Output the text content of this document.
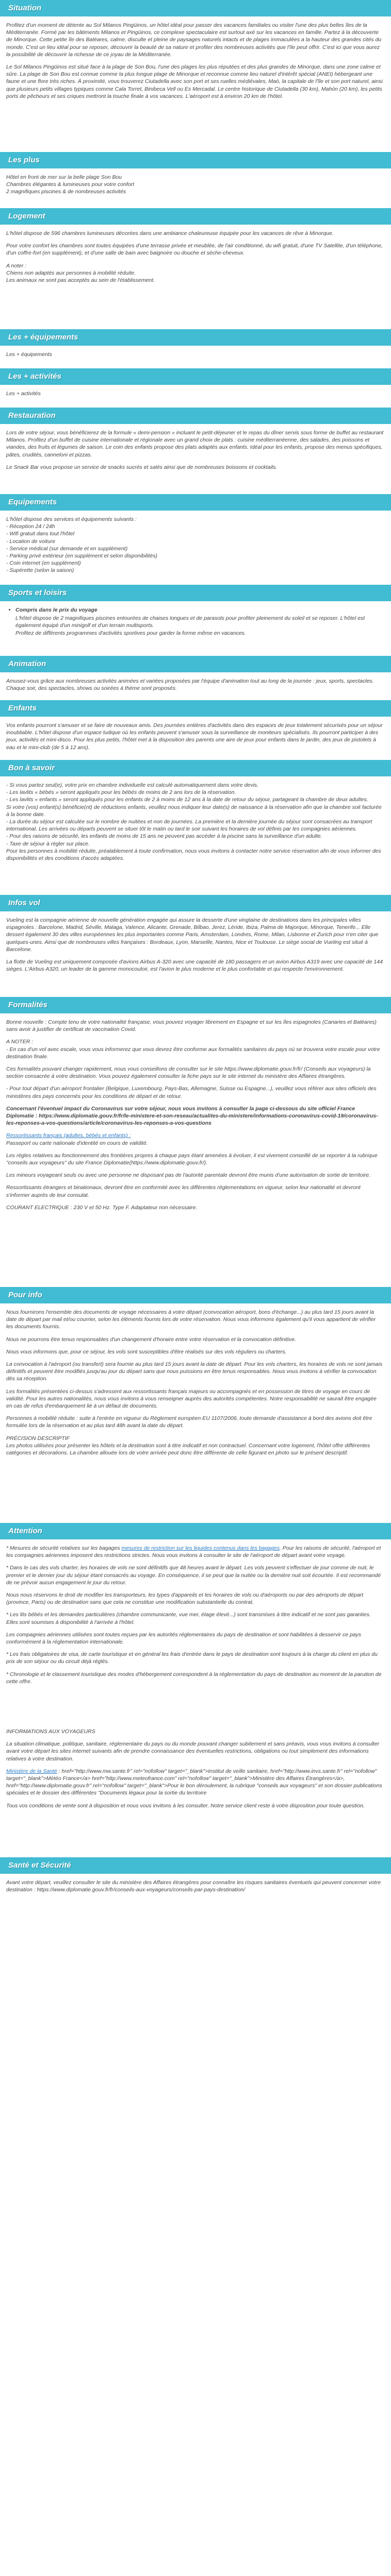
Situation

Profitez d'un moment de détente au Sol Milanos Pingüinos, un hôtel idéal pour passer des vacances familiales ou visiter l'une des plus belles îles de la Méditerranée. Formé par les bâtiments Milanos et Pingüinos, ce complexe spectaculaire est surtout axé sur les vacances en famille. Partez à la découverte de Minorque. Cette petite île des Baléares, calme, disculte et pleine de paysages naturels intacts et de plages immaculées a la hauteur des grandes cités du monde. C'est un lieu idéal pour se reposer, découvrir la beauté de sa nature et profiter des nombreuses activités que l'île peut offrir. C'est ici que vous aurez la possibilité de découvrir la richesse de ce joyau de la Méditerranée.

Le Sol Milanos Pingüinos est situé face à la plage de Son Bou, l'une des plages les plus réputées et des plus grandes de Minorque, dans une zone calme et sûre. La plage de Son Bou est connue comme la plus longue plage de Minorque et reconnue comme lieu naturel d'intérêt spécial (ANEI) hébergeant une faune et une flore très riches. À proximité, vous trouverez Ciutadella avec son port et ses ruelles médiévales, Maó, la capitale de l'île et son port naturel, ainsi que plusieurs petits villages typiques comme Cala Torret, Binibeca Vell ou Es Mercadal. Le centre historique de Ciutadella (30 km), Mahón (20 km), les petits ports de pêcheurs et ses criques mettront la touche finale à vos vacances. L'aéroport est à environ 20 km de l'hôtel.

Les plus
Hôtel en front de mer sur la belle plage Son Bou
Chambres élégantes & lumineuses pour votre confort
2 magnifiques piscines & de nombreuses activités
Logement

L'hôtel dispose de 596 chambres lumineuses décorées dans une ambiance chaleureuse équipée pour les vacances de rêve à Minorque.

Pour votre confort les chambres sont toutes équipées d'une terrasse privée et meublée, de l'air conditionné, du wifi gratuit, d'une TV Satellite, d'un téléphone, d'un coffre-fort (en supplément), et d'une salle de bain avec baignoire ou douche et sèche-cheveux.

A noter :
Chiens non adaptés aux personnes à mobilité réduite.
Les animaux ne sont pas acceptés au sein de l'établissement.
Les + équipements
Les + équipements
Les + activités
Les + activités
Restauration

Lors de votre séjour, vous bénéficierez de la formule « demi-pension » incluant le petit-déjeuner et le repas du dîner servis sous forme de buffet au restaurant Milanos. Profitez d'un buffet de cuisine internationale et régionale avec un grand choix de plats : cuisine méditerranéenne, des salades, des poissons et viandes, des fruits et légumes de saison. Le coin des enfants propose des plats adaptés aux enfants. Idéal pour les enfants, propose des menus spécifiques, pâtes, crudités, canneloni et pizzas.

Le Snack Bar vous propose un service de snacks sucrés et salés ainsi que de nombreuses boissons et cocktails.

Equipements
L'hôtel dispose des services et équipements suivants :
- Réception 24 / 24h
- Wifi gratuit dans tout l'hôtel
- Location de voiture
- Service médical (sur demande et en supplément)
- Parking privé extérieur (en supplément et selon disponibilités)
- Coin internet (en supplément)
- Supérette (selon la saison)
Sports et loisirs
• Compris dans le prix du voyage
L'hôtel dispose de 2 magnifiques piscines entourées de chaises longues et de parasols pour profiter pleinement du soleil et se reposer. L'hôtel est également équipé d'un minigolf et d'un terrain multisports.
Profitez de différents programmes d'activités sportives pour garder la forme même en vacances.
Animation
Amusez-vous grâce aux nombreuses activités animées et variées proposées par l'équipe d'animation tout au long de la journée : jeux, sports, spectacles. Chaque soir, des spectacles, shows ou soirées à thème sont proposés.
Enfants
Vos enfants pourront s'amuser et se faire de nouveaux amis. Des journées entières d'activités dans des espaces de jeux totalement sécurisés pour un séjour inoubliable. L'hôtel dispose d'un espace ludique où les enfants peuvent s'amuser sous la surveillance de moniteurs spécialisés. Ils pourront participer à des jeux, activités et mini-disco. Pour les plus petits, l'hôtel met à la disposition des parents une aire de jeux pour enfants dans le jardin, des jeux de pistolets à eau et le mini-club (de 5 à 12 ans).
Bon à savoir
- Si vous partez seul(e), votre prix en chambre individuelle est calculé automatiquement dans votre devis.
- Les lavlits « bébés » seront appliqués pour les bébés de moins de 2 ans lors de la réservation.
- Les lavlits « enfants » seront appliqués pour les enfants de 2 à moins de 12 ans à la date de retour du séjour, partageant la chambre de deux adultes.
Si votre (vos) enfant(s) bénéficie(nt) de réductions enfants, veuillez nous indiquer leur date(s) de naissance à la réservation afin que la chambre soit facturée à la bonne date.
- La durée du séjour est calculée sur le nombre de nuitées et non de journées. La première et la dernière journée du séjour sont consacrées au transport international. Les arrivées ou départs peuvent se situer tôt le matin ou tard le soir suivant les horaires de vol définis par les compagnies aériennes.
- Pour des raisons de sécurité, les enfants de moins de 15 ans ne peuvent pas accéder à la piscine sans la surveillance d'un adulte.
- Taxe de séjour à régler sur place.
Pour les personnes à mobilité réduite, préalablement à toute confirmation, nous vous invitons à contacter notre service réservation afin de vous informer des disponibilités et des conditions d'accès adaptées.
Infos vol

Vueling est la compagnie aérienne de nouvelle génération engagée qui assure la desserte d'une vingtaine de destinations dans les principales villes espagnoles : Barcelone, Madrid, Séville, Malaga, Valence, Alicante, Grenade, Bilbao, Jerez, Léride, Ibiza, Palma de Majorque, Minorque, Tenerife... Elle dessert également 30 des villes européennes les plus importantes comme Paris, Amsterdam, Londres, Rome, Milan, Lisbonne et Zurich pour n'en citer que quelques-unes. Ainsi que de nombreuses villes françaises : Bordeaux, Lyon, Marseille, Nantes, Nice et Toulouse. Le siège social de Vueling est situé à Barcelone.

La flotte de Vueling est uniquement composée d'avions Airbus A-320 avec une capacité de 180 passagers et un avion Airbus A319 avec une capacité de 144 sièges. L'Airbus A320, un leader de la gamme monocouloir, est l'avion le plus moderne et le plus confortable et qui respecte l'environnement.

Formalités

Bonne nouvelle : Compte tenu de votre nationalité française, vous pouvez voyager librement en Espagne et sur les îles espagnoles (Canaries et Baléares) sans avoir à justifier de certificat de vaccination Covid.

A NOTER :

- En cas d'un vol avec escale, vous vous informerez que vous devrez être conforme aux formalités sanitaires du pays où se trouvera votre escale pour votre destination finale.

Ces formalités pouvant changer rapidement, nous vous conseillons de consulter sur le site https://www.diplomatie.gouv.fr/fr/ (Conseils aux voyageurs) la section consacrée à votre destination. Vous pouvez également consulter la fiche pays sur le site internet du ministère des Affaires étrangères.

- Pour tout départ d'un aéroport frontalier (Belgique, Luxembourg, Pays-Bas, Allemagne, Suisse ou Espagne...), veuillez vous référer aux sites officiels des ministères des pays concernés pour les conditions de départ et de retour.

Concernant l'éventuel impact du Coronavirus sur votre séjour, nous vous invitons à consulter la page ci-dessous du site officiel France Diplomatie : https://www.diplomatie.gouv.fr/fr/le-ministere-et-son-reseau/actualites-du-ministere/informations-coronavirus-covid-19/coronavirus-les-reponses-a-vos-questions/article/coronavirus-les-reponses-a-vos-questions

Ressortissants français (adultes, bébés et enfants) :

Passeport ou carte nationale d'identité en cours de validité.

Les règles relatives au fonctionnement des frontières propres à chaque pays étant amenées à évoluer, il est vivement conseillé de se reporter à la rubrique "conseils aux voyageurs" du site France Diplomatie(https://www.diplomatie.gouv.fr/).

Les mineurs voyageant seuls ou avec une personne ne disposant pas de l'autorité parentale devront être munis d'une autorisation de sortie de territoire.

Ressortissants étrangers et binationaux, devront être en conformité avec les différentes réglementations en vigueur, selon leur nationalité et devront s'informer auprès de leur consulat.

COURANT ELECTRIQUE : 230 V et 50 Hz. Type F. Adaptateur non nécessaire.

Pour info

Nous fournirons l'ensemble des documents de voyage nécessaires à votre départ (convocation aéroport, bons d'échange...) au plus tard 15 jours avant la date de départ par mail et/ou courrier, selon les éléments fournis lors de votre réservation. Nous vous informons également qu'il vous appartient de vérifier les documents fournis.

Nous ne pourrons être tenus responsables d'un changement d'horaire entre votre réservation et la convocation définitive.

Nous vous informons que, pour ce séjour, les vols sont susceptibles d'être réalisés sur des vols réguliers ou charters.

La convocation à l'aéroport (ou transfert) sera fournie au plus tard 15 jours avant la date de départ. Pour les vols charters, les horaires de vols ne sont jamais définitifs et peuvent être modifiés jusqu'au jour du départ sans que nous puissions en être tenus responsables. Nous vous invitons à vérifier la convocation dès sa réception.

Les formalités présentées ci-dessus s'adressent aux ressortissants français majeurs ou accompagnés et en possession de titres de voyage en cours de validité. Pour les autres nationalités, nous vous invitons à vous renseigner auprès des autorités compétentes. Notre responsabilité ne saurait être engagée en cas de refus d'embarquement lié à un défaut de documents.

Personnes à mobilité réduite : suite à l'entrée en vigueur du Règlement européen EU 1107/2006, toute demande d'assistance à bord des avions doit être formulée lors de la réservation et au plus tard 48h avant la date du départ.

PRÉCISION DESCRIPTIF

Les photos utilisées pour présenter les hôtels et la destination sont à titre indicatif et non contractuel. Concernant votre logement, l'hôtel offre différentes catégories et décorations. La chambre allouée lors de votre arrivée peut donc être différente de celle figurant en photo sur le présent descriptif.

Attention

* Mesures de sécurité relatives sur les bagages mesures de restriction sur les liquides contenus dans les bagages. Pour les raisons de sécurité, l'aéroport et les compagnies aériennes imposent des restrictions strictes. Nous vous invitons à consulter le site de l'aéroport de départ avant votre voyage.

* Dans le cas des vols charter, les horaires de vols ne sont définitifs que 48 heures avant le départ. Les vols peuvent s'effectuer de jour comme de nuit, le premier et le dernier jour du séjour étant consacrés au voyage. En conséquence, il se peut que la nuitée ou la dernière nuit soit écourtée. Il est recommandé de ne prévoir aucun engagement le jour du retour.

Nous nous réservons le droit de modifier les transporteurs, les types d'appareils et les horaires de vols ou d'aéroports ou par des aéroports de départ (province, Paris) ou de destination sans que cela ne constitue une modification substantielle du contrat.

* Les lits bébés et les demandes particulières (chambre communicante, vue mer, étage élevé...) sont transmises à titre indicatif et ne sont pas garanties. Elles sont soumises à disponibilité à l'arrivée à l'hôtel.

Les compagnies aériennes utilisées sont toutes reçues par les autorités réglementaires du pays de destination et sont habilitées à desservir ce pays conformément à la réglementation internationale.

* Les frais obligatoires de visa, de carte touristique et en général les frais d'entrée dans le pays de destination sont toujours à la charge du client en plus du prix de son séjour ou du circuit déjà réglés.

* Chronologie et le classement touristique des modes d'hébergement correspondent à la réglementation du pays de destination au moment de la parution de cette offre.

INFORMATIONS AUX VOYAGEURS

La situation climatique, politique, sanitaire, réglementaire du pays ou du monde pouvant changer subitement et sans préavis, vous vous invitons à consulter avant votre départ les sites internet suivants afin de prendre connaissance des éventuelles restrictions, obligations ou tout simplement des informations relatives à votre destination.

Ministère de la Santé : href="http://www.mw.sante.fr" rel="nofollow" target="_blank">Institut de veille sanitaire, href="http://www.invs.sante.fr" rel="nofollow" target="_blank">Météo France</a> href="http://www.meteofrance.com" rel="nofollow" target="_blank">Ministère des Affaires Étrangères</a>, href="http://www.diplomatie.gouv.fr" rel="nofollow" target="_blank">Pour le bon déroulement, la rubrique "conseils aux voyageurs" et son dossier publications spéciales et le dossier des différentes "Documents légaux pour la sortie du territoire

Tous vos conditions de vente sont à disposition et nous vous invitons à les consulter. Notre service client reste à votre disposition pour toute question.

Santé et Sécurité
Avant votre départ, veuillez consulter le site du ministère des Affaires étrangères pour connaître les risques sanitaires éventuels qui peuvent concerner votre destination : https://www.diplomatie.gouv.fr/fr/conseils-aux-voyageurs/conseils-par-pays-destination/
